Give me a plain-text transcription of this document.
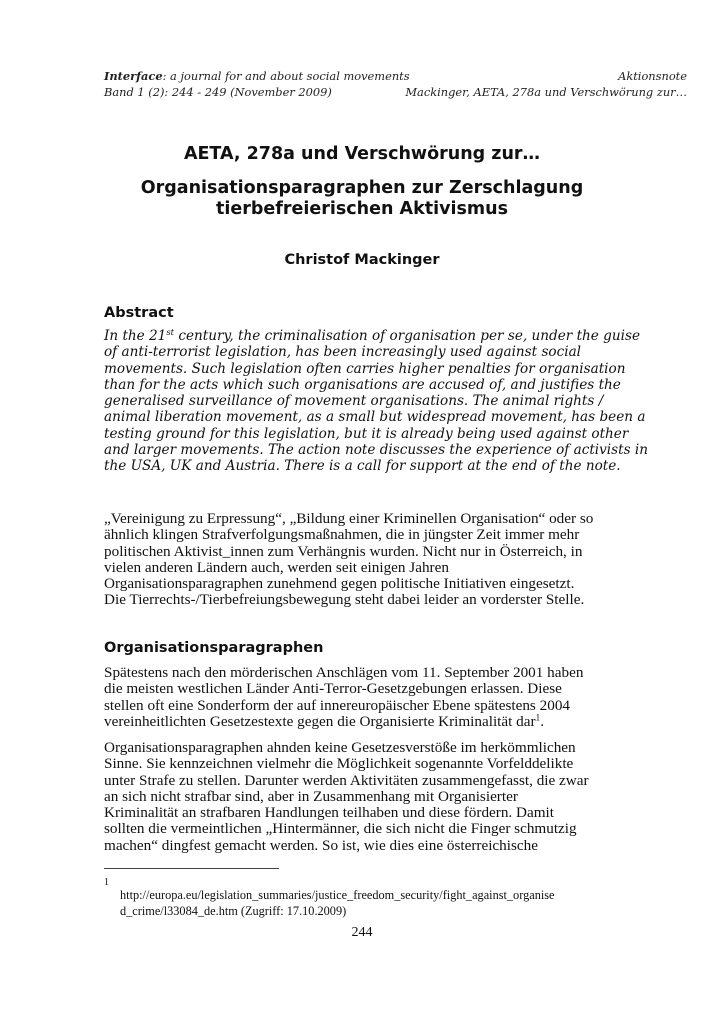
Interface: a journal for and about social movements
Band 1 (2): 244 - 249 (November 2009)
Aktionsnote
Mackinger, AETA, 278a und Verschwörung zur…
AETA, 278a und Verschwörung zur…
Organisationsparagraphen zur Zerschlagung
tierbefreierischen Aktivismus
Christof Mackinger
Abstract
In the 21st century, the criminalisation of organisation per se, under the guise
of anti-terrorist legislation, has been increasingly used against social
movements. Such legislation often carries higher penalties for organisation
than for the acts which such organisations are accused of, and justifies the
generalised surveillance of movement organisations. The animal rights /
animal liberation movement, as a small but widespread movement, has been a
testing ground for this legislation, but it is already being used against other
and larger movements. The action note discusses the experience of activists in
the USA, UK and Austria. There is a call for support at the end of the note.
„Vereinigung zu Erpressung“, „Bildung einer Kriminellen Organisation“ oder so
ähnlich klingen Strafverfolgungsmaßnahmen, die in jüngster Zeit immer mehr
politischen Aktivist_innen zum Verhängnis wurden. Nicht nur in Österreich, in
vielen anderen Ländern auch, werden seit einigen Jahren
Organisationsparagraphen zunehmend gegen politische Initiativen eingesetzt.
Die Tierrechts-/Tierbefreiungsbewegung steht dabei leider an vorderster Stelle.
Organisationsparagraphen
Spätestens nach den mörderischen Anschlägen vom 11. September 2001 haben
die meisten westlichen Länder Anti-Terror-Gesetzgebungen erlassen. Diese
stellen oft eine Sonderform der auf innereuropäischer Ebene spätestens 2004
vereinheitlichten Gesetzestexte gegen die Organisierte Kriminalität dar$^1$.
Organisationsparagraphen ahnden keine Gesetzesverstöße im herkömmlichen
Sinne. Sie kennzeichnen vielmehr die Möglichkeit sogenannte Vorfelddelikte
unter Strafe zu stellen. Darunter werden Aktivitäten zusammengefasst, die zwar
an sich nicht strafbar sind, aber in Zusammenhang mit Organisierter
Kriminalität an strafbaren Handlungen teilhaben und diese fördern. Damit
sollten die vermeintlichen „Hintermänner, die sich nicht die Finger schmutzig
machen“ dingfest gemacht werden. So ist, wie dies eine österreichische
1
http://europa.eu/legislation_summaries/justice_freedom_security/fight_against_organise
d_crime/l33084_de.htm (Zugriff: 17.10.2009)
244
